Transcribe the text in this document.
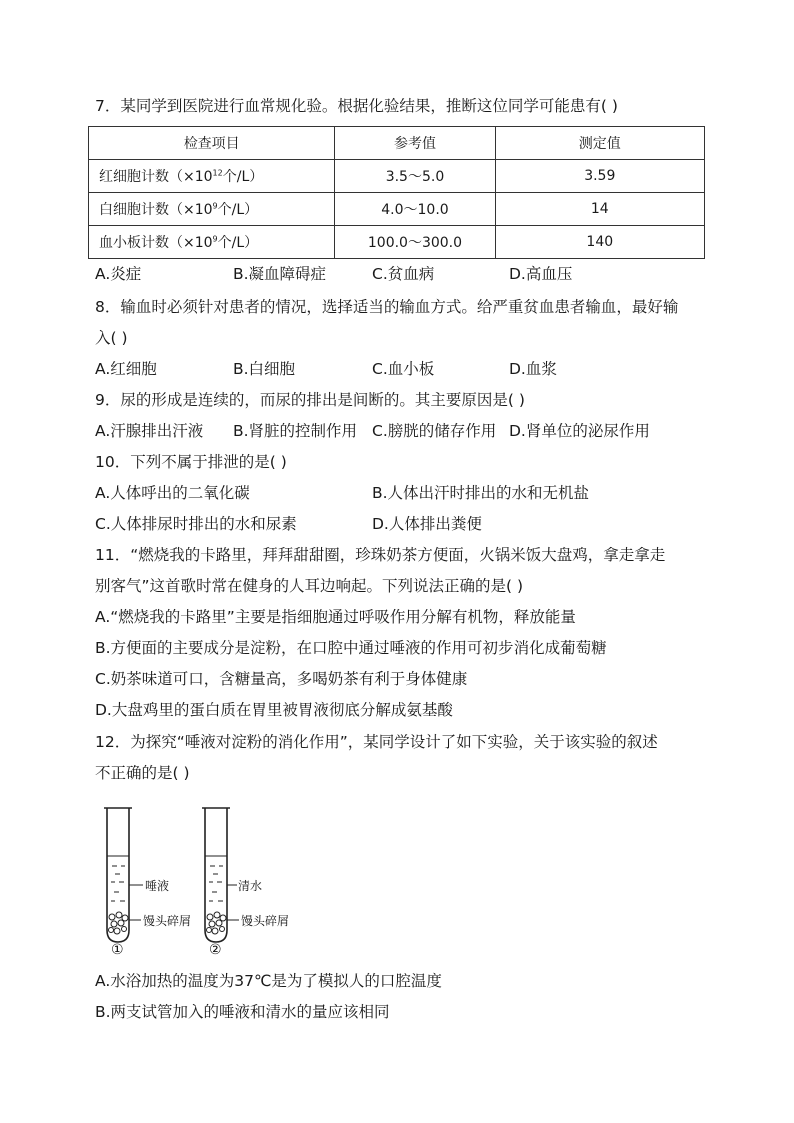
7．某同学到医院进行血常规化验。根据化验结果，推断这位同学可能患有( )
检查项目	参考值	测定值
红细胞计数（$\times 10^{12}$个/L）	3.5～5.0	3.59
白细胞计数（$\times 10^9$个/L）	4.0～10.0	14
血小板计数（$\times 10^9$个/L）	100.0～300.0	140
A.炎症	B.凝血障碍症	C.贫血病	D.高血压
8．输血时必须针对患者的情况，选择适当的输血方式。给严重贫血患者输血，最好输
入( )
A.红细胞	B.白细胞	C.血小板	D.血浆
9．尿的形成是连续的，而尿的排出是间断的。其主要原因是( )
A.汗腺排出汗液 B.肾脏的控制作用 C.膀胱的储存作用 D.肾单位的泌尿作用
10．下列不属于排泄的是( )
A.人体呼出的二氧化碳	B.人体出汗时排出的水和无机盐
C.人体排尿时排出的水和尿素	D.人体排出粪便
11．“燃烧我的卡路里，拜拜甜甜圈，珍珠奶茶方便面，火锅米饭大盘鸡，拿走拿走
别客气”这首歌时常在健身的人耳边响起。下列说法正确的是( )
A.“燃烧我的卡路里”主要是指细胞通过呼吸作用分解有机物，释放能量
B.方便面的主要成分是淀粉，在口腔中通过唾液的作用可初步消化成葡萄糖
C.奶茶味道可口，含糖量高，多喝奶茶有利于身体健康
D.大盘鸡里的蛋白质在胃里被胃液彻底分解成氨基酸
12．为探究“唾液对淀粉的消化作用”，某同学设计了如下实验，关于该实验的叙述
不正确的是( )
唾液
馒头碎屑
①
清水
馒头碎屑
②
A.水浴加热的温度为37℃是为了模拟人的口腔温度
B.两支试管加入的唾液和清水的量应该相同
